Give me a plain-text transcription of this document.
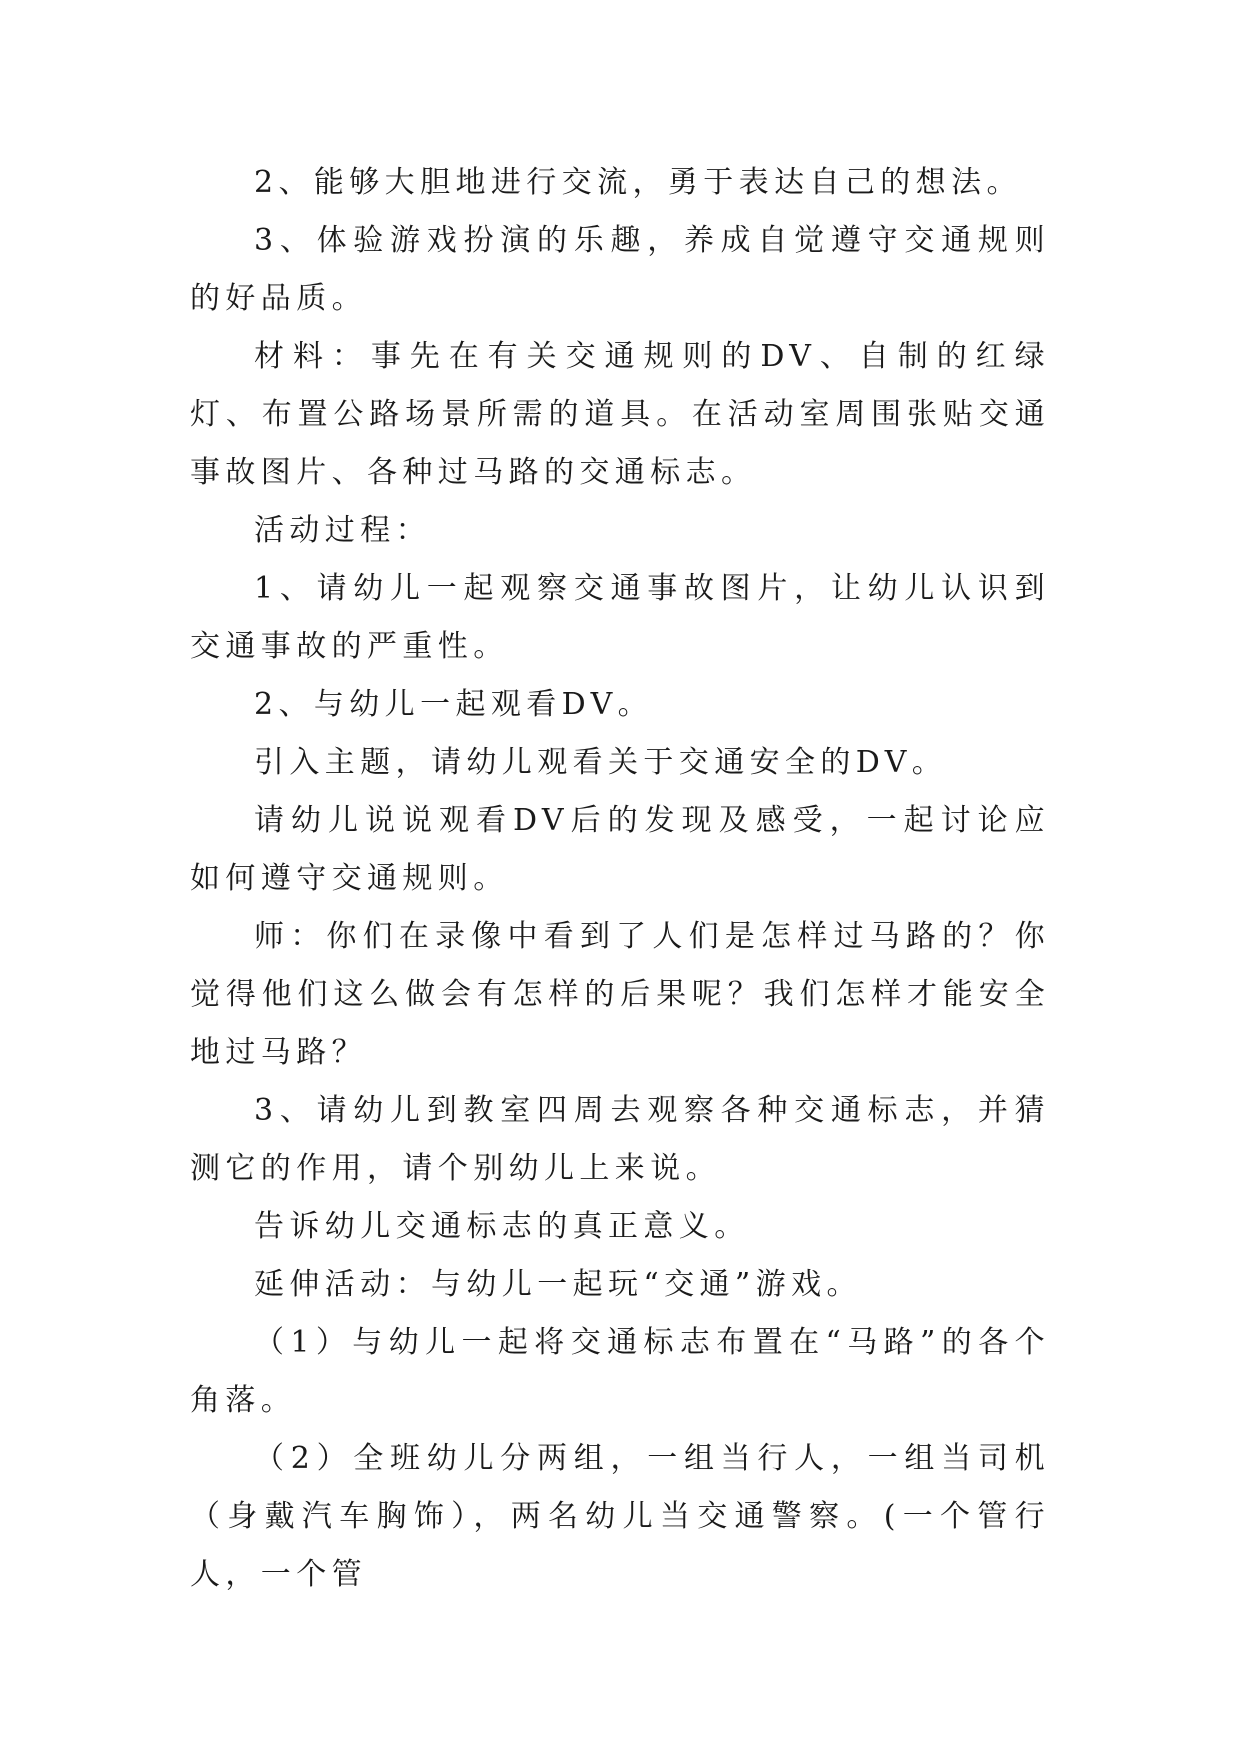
2、能够大胆地进行交流，勇于表达自己的想法。

3、体验游戏扮演的乐趣，养成自觉遵守交通规则的好品质。

材料：事先在有关交通规则的DV、自制的红绿灯、布置公路场景所需的道具。在活动室周围张贴交通事故图片、各种过马路的交通标志。

活动过程：

1、请幼儿一起观察交通事故图片，让幼儿认识到交通事故的严重性。

2、与幼儿一起观看DV。

引入主题，请幼儿观看关于交通安全的DV。

请幼儿说说观看DV后的发现及感受，一起讨论应如何遵守交通规则。

师：你们在录像中看到了人们是怎样过马路的？你觉得他们这么做会有怎样的后果呢？我们怎样才能安全地过马路？

3、请幼儿到教室四周去观察各种交通标志，并猜测它的作用，请个别幼儿上来说。

告诉幼儿交通标志的真正意义。

延伸活动：与幼儿一起玩“交通”游戏。

（1）与幼儿一起将交通标志布置在“马路”的各个角落。

（2）全班幼儿分两组，一组当行人，一组当司机（身戴汽车胸饰），两名幼儿当交通警察。(一个管行人，一个管
